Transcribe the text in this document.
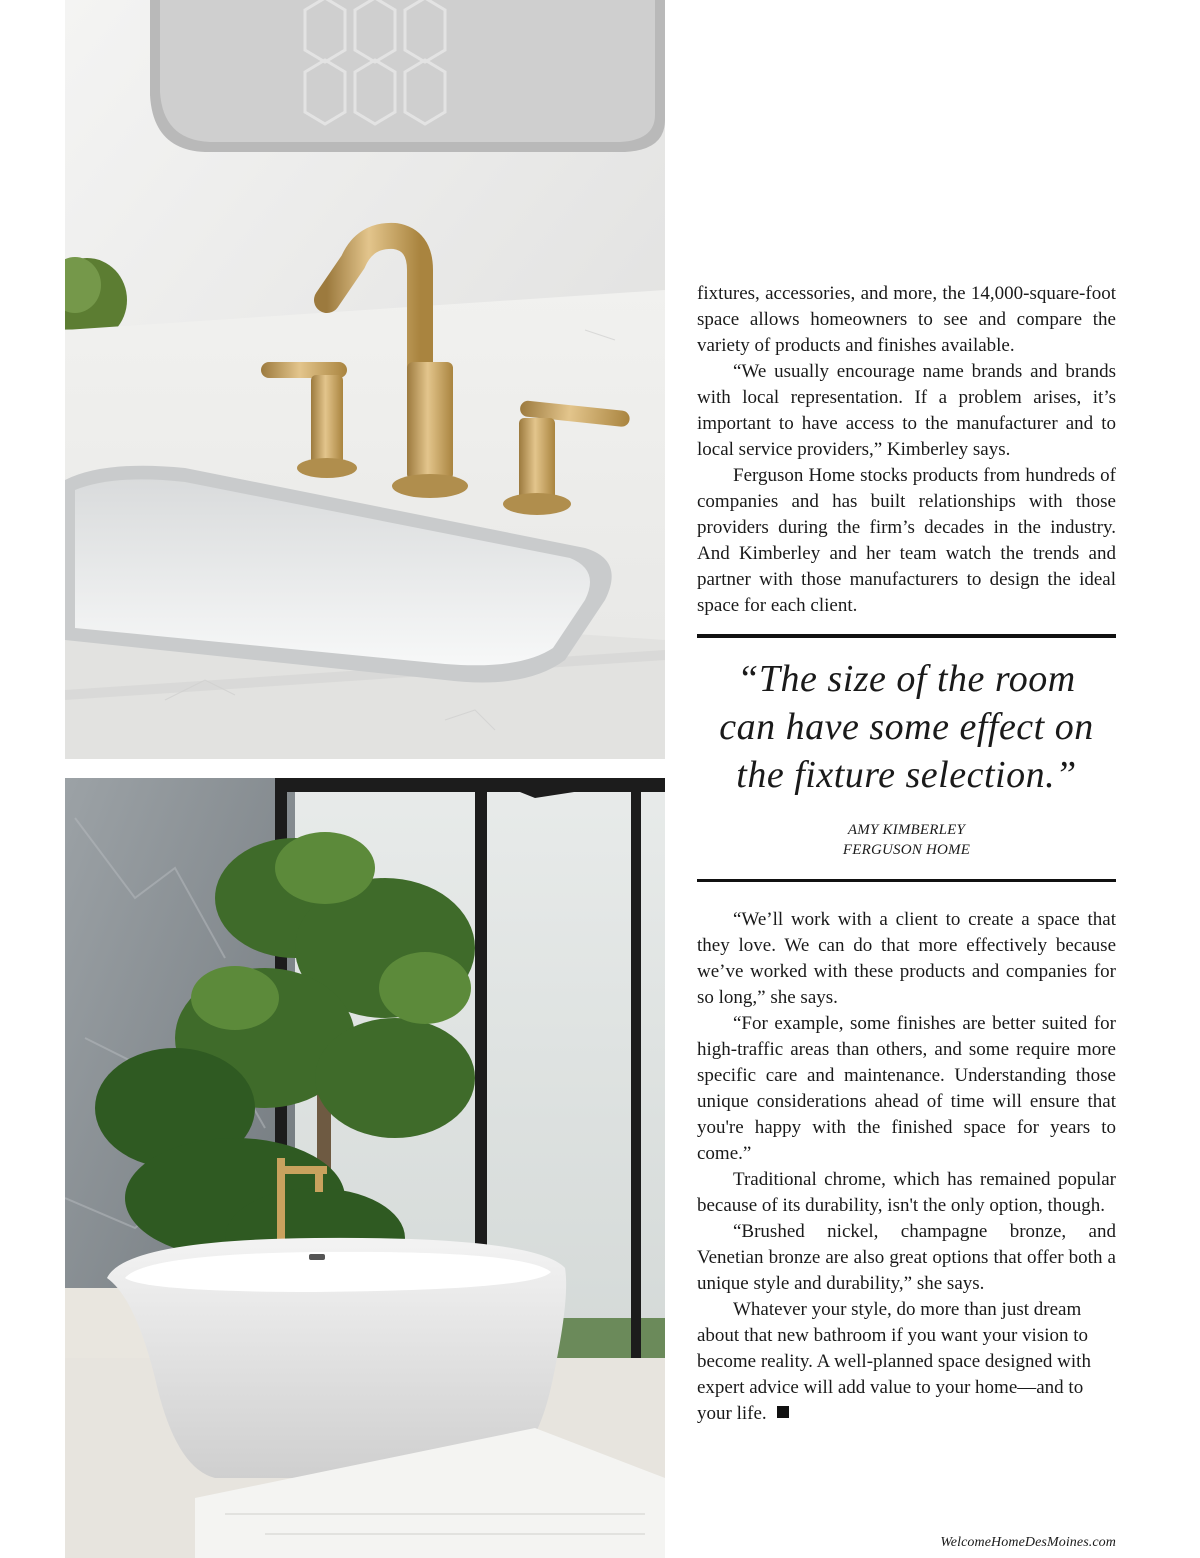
fixtures, accessories, and more, the 14,000-square-foot space allows homeowners to see and compare the variety of products and finishes available.

“We usually encourage name brands and brands with local representation. If a problem arises, it’s important to have access to the manufacturer and to local service providers,” Kimberley says.

Ferguson Home stocks products from hundreds of companies and has built relationships with those providers during the firm’s decades in the industry. And Kimberley and her team watch the trends and partner with those manufacturers to design the ideal space for each client.

“The size of the room
can have some effect on
the fixture selection.”
AMY KIMBERLEY
FERGUSON HOME

“We’ll work with a client to create a space that they love. We can do that more effectively because we’ve worked with these products and companies for so long,” she says.

“For example, some finishes are better suited for high-traffic areas than others, and some require more specific care and maintenance. Understanding those unique considerations ahead of time will ensure that you're happy with the finished space for years to come.”

Traditional chrome, which has remained popular because of its durability, isn't the only option, though.

“Brushed nickel, champagne bronze, and Venetian bronze are also great options that offer both a unique style and durability,” she says.

Whatever your style, do more than just dream about that new bathroom if you want your vision to become reality. A well-planned space designed with expert advice will add value to your home—and to your life.

WelcomeHomeDesMoines.com
